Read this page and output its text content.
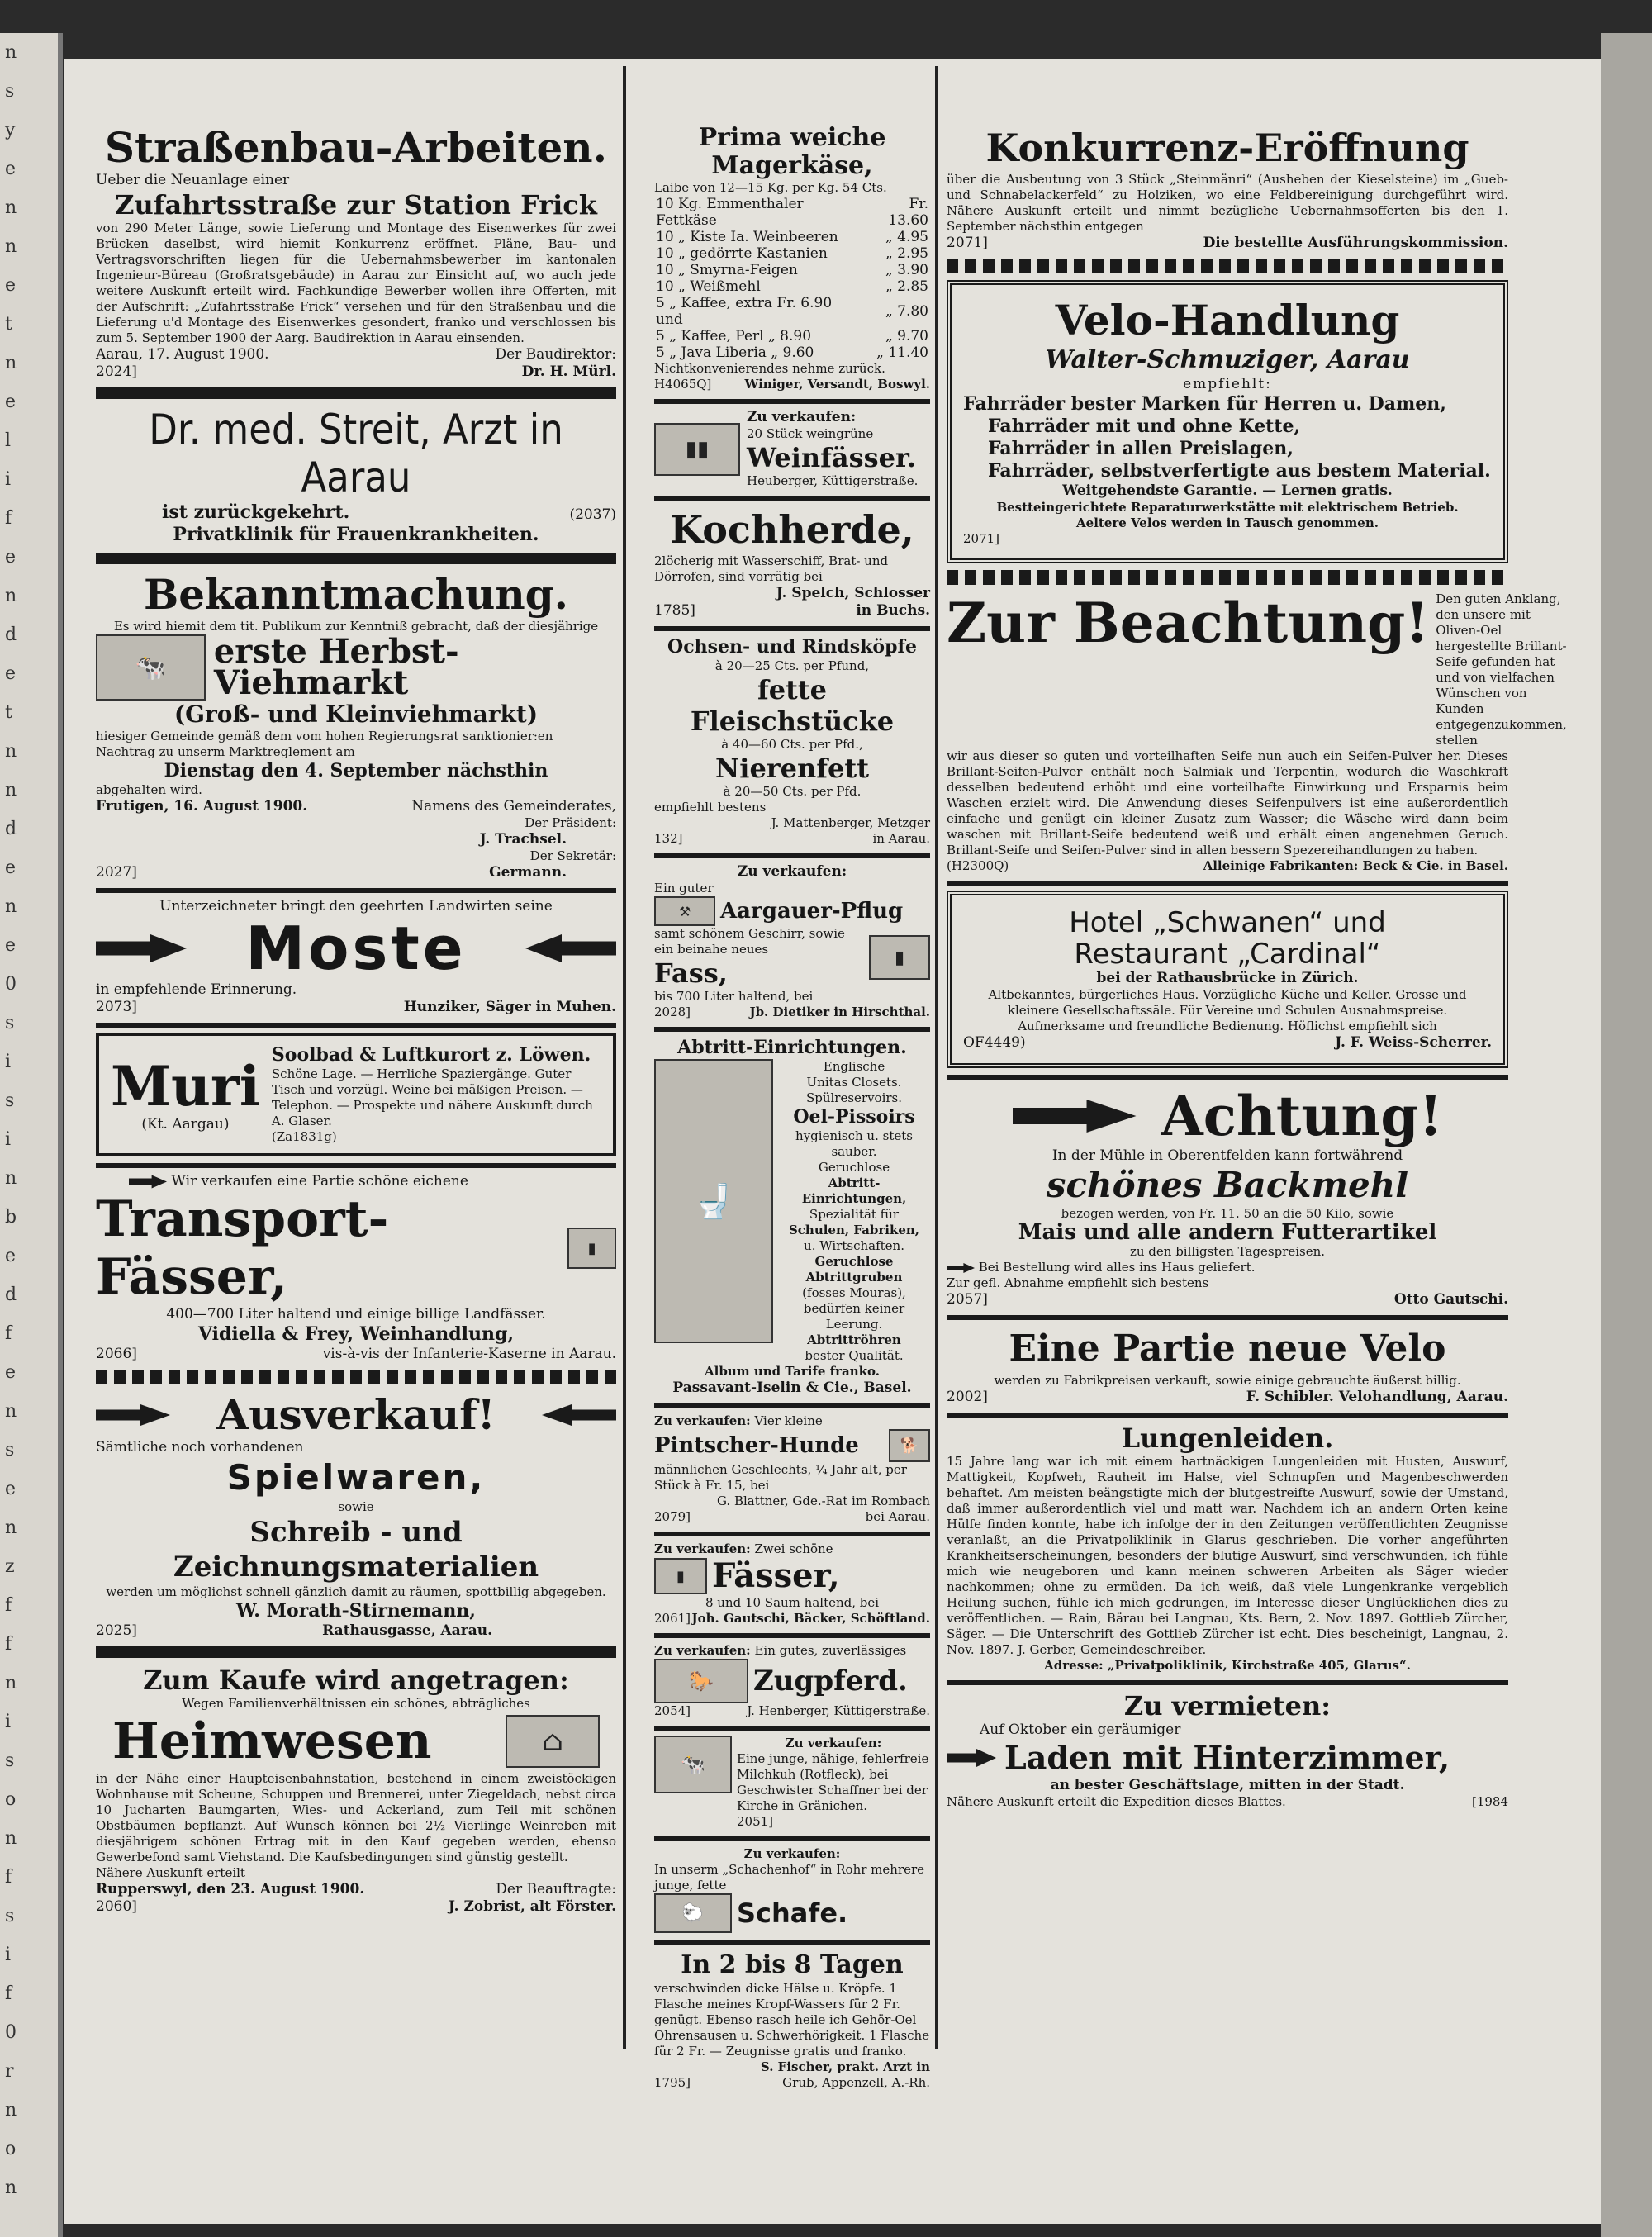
n
s
y
e
n
n
e
t
n
e
l
i
f
e
n
d
e
t
n
n
d
e
n
e
0
s
i
s
i
n
b
e
d
f
e
n
s
e
n
z
f
f
n
i
s
o
n
f
s
i
f
0
r
n
o
n
Straßenbau-Arbeiten.
Ueber die Neuanlage einer
Zufahrtsstraße zur Station Frick
von 290 Meter Länge, sowie Lieferung und Montage des Eisenwerkes für zwei Brücken daselbst, wird hiemit Konkurrenz eröffnet. Pläne, Bau- und Vertragsvorschriften liegen für die Uebernahmsbewerber im kantonalen Ingenieur-Büreau (Großratsgebäude) in Aarau zur Einsicht auf, wo auch jede weitere Auskunft erteilt wird. Fachkundige Bewerber wollen ihre Offerten, mit der Aufschrift: „Zufahrtsstraße Frick“ versehen und für den Straßenbau und die Lieferung u'd Montage des Eisenwerkes gesondert, franko und verschlossen bis zum 5. September 1900 der Aarg. Baudirektion in Aarau einsenden.
Aarau, 17. August 1900.	Der Baudirektor:
2024]	Dr. H. Mürl.
Dr. med. Streit, Arzt in Aarau
ist zurückgekehrt.	(2037)
Privatklinik für Frauenkrankheiten.
Bekanntmachung.
Es wird hiemit dem tit. Publikum zur Kenntniß gebracht, daß der diesjährige
🐄	erste Herbst-Viehmarkt
(Groß- und Kleinviehmarkt)
hiesiger Gemeinde gemäß dem vom hohen Regierungsrat sanktionier:en Nachtrag zu unserm Marktreglement am
Dienstag den 4. September nächsthin
abgehalten wird.
Frutigen, 16. August 1900.	Namens des Gemeinderates,
Der Präsident:
J. Trachsel.
Der Sekretär:
2027]	Germann.
Unterzeichneter bringt den geehrten Landwirten seine
Moste
in empfehlende Erinnerung.
2073]	Hunziker, Säger in Muhen.
Muri
(Kt. Aargau)
Soolbad & Luftkurort z. Löwen.
Schöne Lage. — Herrliche Spaziergänge. Guter Tisch und vorzügl. Weine bei mäßigen Preisen. — Telephon. — Prospekte und nähere Auskunft durch A. Glaser.
(Za1831g)
Wir verkaufen eine Partie schöne eichene
Transport-Fässer,	▮
400—700 Liter haltend und einige billige Landfässer.
Vidiella & Frey, Weinhandlung,
2066]	vis-à-vis der Infanterie-Kaserne in Aarau.
Ausverkauf!
Sämtliche noch vorhandenen
Spielwaren,
sowie
Schreib - und Zeichnungsmaterialien
werden um möglichst schnell gänzlich damit zu räumen, spottbillig abgegeben.
W. Morath-Stirnemann,
2025]	Rathausgasse, Aarau.
Zum Kaufe wird angetragen:
Wegen Familienverhältnissen ein schönes, abträgliches
Heimwesen	⌂
in der Nähe einer Haupteisenbahnstation, bestehend in einem zweistöckigen Wohnhause mit Scheune, Schuppen und Brennerei, unter Ziegeldach, nebst circa 10 Jucharten Baumgarten, Wies- und Ackerland, zum Teil mit schönen Obstbäumen bepflanzt. Auf Wunsch können bei 2½ Vierlinge Weinreben mit diesjährigem schönen Ertrag mit in den Kauf gegeben werden, ebenso Gewerbefond samt Viehstand. Die Kaufsbedingungen sind günstig gestellt.
Nähere Auskunft erteilt
Rupperswyl, den 23. August 1900.	Der Beauftragte:
2060]	J. Zobrist, alt Förster.
Prima weiche Magerkäse,
Laibe von 12—15 Kg. per Kg. 54 Cts.
10 Kg. Emmenthaler Fettkäse	Fr. 13.60
10 „ Kiste Ia. Weinbeeren	„ 4.95
10 „ gedörrte Kastanien	„ 2.95
10 „ Smyrna-Feigen	„ 3.90
10 „ Weißmehl	„ 2.85
5 „ Kaffee, extra Fr. 6.90 und	„ 7.80
5 „ Kaffee, Perl „ 8.90	„ 9.70
5 „ Java Liberia „ 9.60	„ 11.40
Nichtkonvenierendes nehme zurück.
H4065Q]	Winiger, Versandt, Boswyl.
▮▮
Zu verkaufen:
20 Stück weingrüne
Weinfässer.
Heuberger, Küttigerstraße.
Kochherde,
2löcherig mit Wasserschiff, Brat- und Dörrofen, sind vorrätig bei
J. Spelch, Schlosser
1785]	in Buchs.
Ochsen- und Rindsköpfe
à 20—25 Cts. per Pfund,
fette Fleischstücke
à 40—60 Cts. per Pfd.,
Nierenfett
à 20—50 Cts. per Pfd.
empfiehlt bestens
J. Mattenberger, Metzger
132]	in Aarau.
Zu verkaufen:
Ein guter
⚒	Aargauer-Pflug
samt schönem Geschirr, sowie ein beinahe neues
Fass,	▮
bis 700 Liter haltend, bei
2028]	Jb. Dietiker in Hirschthal.
Abtritt-Einrichtungen.
🚽
Englische
Unitas Closets.
Spülreservoirs.
Oel-Pissoirs
hygienisch u. stets sauber.
Geruchlose
Abtritt-Einrichtungen,
Spezialität für
Schulen, Fabriken,
u. Wirtschaften.
Geruchlose Abtrittgruben
(fosses Mouras),
bedürfen keiner Leerung.
Abtrittröhren
bester Qualität.
Album und Tarife franko.
Passavant-Iselin & Cie., Basel.
Zu verkaufen: Vier kleine
Pintscher-Hunde	🐕
männlichen Geschlechts, ¼ Jahr alt, per Stück à Fr. 15, bei
G. Blattner, Gde.-Rat im Rombach
2079]	bei Aarau.
Zu verkaufen: Zwei schöne
▮ Fässer,
8 und 10 Saum haltend, bei
2061] Joh. Gautschi, Bäcker, Schöftland.
Zu verkaufen: Ein gutes, zuverlässiges
🐎	Zugpferd.
2054]	J. Henberger, Küttigerstraße.
🐄
Zu verkaufen:
Eine junge, nähige, fehlerfreie Milchkuh (Rotfleck), bei Geschwister Schaffner bei der Kirche in Gränichen.
2051]
Zu verkaufen:
In unserm „Schachenhof“ in Rohr mehrere junge, fette
🐑	Schafe.
In 2 bis 8 Tagen
verschwinden dicke Hälse u. Kröpfe. 1 Flasche meines Kropf-Wassers für 2 Fr. genügt. Ebenso rasch heile ich Gehör-Oel Ohrensausen u. Schwerhörigkeit. 1 Flasche für 2 Fr. — Zeugnisse gratis und franko.
S. Fischer, prakt. Arzt in
1795]	Grub, Appenzell, A.-Rh.
Konkurrenz-Eröffnung
über die Ausbeutung von 3 Stück „Steinmänri“ (Ausheben der Kieselsteine) im „Gueb- und Schnabelackerfeld“ zu Holziken, wo eine Feldbereinigung durchgeführt wird. Nähere Auskunft erteilt und nimmt bezügliche Uebernahmsofferten bis den 1. September nächsthin entgegen
2071]	Die bestellte Ausführungskommission.
Velo-Handlung
Walter-Schmuziger, Aarau
empfiehlt:
Fahrräder bester Marken für Herren u. Damen,
Fahrräder mit und ohne Kette,
Fahrräder in allen Preislagen,
Fahrräder, selbstverfertigte aus bestem Material.
Weitgehendste Garantie. — Lernen gratis.
Bestteingerichtete Reparaturwerkstätte mit elektrischem Betrieb.
Aeltere Velos werden in Tausch genommen.
2071]
Zur Beachtung! Den guten Anklang, den unsere mit Oliven-Oel hergestellte Brillant-Seife gefunden hat und von vielfachen Wünschen von Kunden entgegenzukommen, stellen
wir aus dieser so guten und vorteilhaften Seife nun auch ein Seifen-Pulver her. Dieses Brillant-Seifen-Pulver enthält noch Salmiak und Terpentin, wodurch die Waschkraft desselben bedeutend erhöht und eine vorteilhafte Einwirkung und Ersparnis beim Waschen erzielt wird. Die Anwendung dieses Seifenpulvers ist eine außerordentlich einfache und genügt ein kleiner Zusatz zum Wasser; die Wäsche wird dann beim waschen mit Brillant-Seife bedeutend weiß und erhält einen angenehmen Geruch. Brillant-Seife und Seifen-Pulver sind in allen bessern Spezereihandlungen zu haben.
(H2300Q)	Alleinige Fabrikanten: Beck & Cie. in Basel.
Hotel „Schwanen“ und
Restaurant „Cardinal“
bei der Rathausbrücke in Zürich.
Altbekanntes, bürgerliches Haus. Vorzügliche Küche und Keller. Grosse und kleinere Gesellschaftssäle. Für Vereine und Schulen Ausnahmspreise. Aufmerksame und freundliche Bedienung. Höflichst empfiehlt sich
OF4449)	J. F. Weiss-Scherrer.
Achtung!
In der Mühle in Oberentfelden kann fortwährend
schönes Backmehl
bezogen werden, von Fr. 11. 50 an die 50 Kilo, sowie
Mais und alle andern Futterartikel
zu den billigsten Tagespreisen.
Bei Bestellung wird alles ins Haus geliefert.
Zur gefl. Abnahme empfiehlt sich bestens
2057]	Otto Gautschi.
Eine Partie neue Velo
werden zu Fabrikpreisen verkauft, sowie einige gebrauchte äußerst billig.
2002]	F. Schibler. Velohandlung, Aarau.
Lungenleiden.
15 Jahre lang war ich mit einem hartnäckigen Lungenleiden mit Husten, Auswurf, Mattigkeit, Kopfweh, Rauheit im Halse, viel Schnupfen und Magenbeschwerden behaftet. Am meisten beängstigte mich der blutgestreifte Auswurf, sowie der Umstand, daß immer außerordentlich viel und matt war. Nachdem ich an andern Orten keine Hülfe finden konnte, habe ich infolge der in den Zeitungen veröffentlichten Zeugnisse veranlaßt, an die Privatpoliklinik in Glarus geschrieben. Die vorher angeführten Krankheitserscheinungen, besonders der blutige Auswurf, sind verschwunden, ich fühle mich wie neugeboren und kann meinen schweren Arbeiten als Säger wieder nachkommen; ohne zu ermüden. Da ich weiß, daß viele Lungenkranke vergeblich Heilung suchen, fühle ich mich gedrungen, im Interesse dieser Unglücklichen dies zu veröffentlichen. — Rain, Bärau bei Langnau, Kts. Bern, 2. Nov. 1897. Gottlieb Zürcher, Säger. — Die Unterschrift des Gottlieb Zürcher ist echt. Dies bescheinigt, Langnau, 2. Nov. 1897. J. Gerber, Gemeindeschreiber.
Adresse: „Privatpoliklinik, Kirchstraße 405, Glarus“.
Zu vermieten:
Auf Oktober ein geräumiger
Laden mit Hinterzimmer,
an bester Geschäftslage, mitten in der Stadt.
Nähere Auskunft erteilt die Expedition dieses Blattes.	[1984
